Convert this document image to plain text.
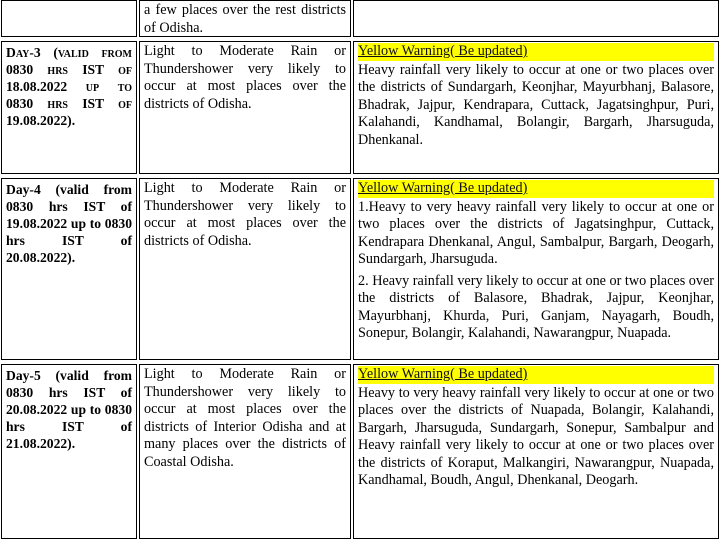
	a few places over the rest districts of Odisha.	

Day-3 (valid from 0830 hrs IST of 18.08.2022 up to 0830 hrs IST of 19.08.2022).	Light to Moderate Rain or Thundershower very likely to occur at most places over the districts of Odisha.	Yellow Warning( Be updated)

Heavy rainfall very likely to occur at one or two places over the districts of Sundargarh, Keonjhar, Mayurbhanj, Balasore, Bhadrak, Jajpur, Kendrapara, Cuttack, Jagatsinghpur, Puri, Kalahandi, Kandhamal, Bolangir, Bargarh, Jharsuguda, Dhenkanal.

Day-4 (valid from 0830 hrs IST of 19.08.2022 up to 0830 hrs IST of 20.08.2022).	Light to Moderate Rain or Thundershower very likely to occur at most places over the districts of Odisha.	Yellow Warning( Be updated)

1.Heavy to very heavy rainfall very likely to occur at one or two places over the districts of Jagatsinghpur, Cuttack, Kendrapara Dhenkanal, Angul, Sambalpur, Bargarh, Deogarh, Sundargarh, Jharsuguda.

2. Heavy rainfall very likely to occur at one or two places over the districts of Balasore, Bhadrak, Jajpur, Keonjhar, Mayurbhanj, Khurda, Puri, Ganjam, Nayagarh, Boudh, Sonepur, Bolangir, Kalahandi, Nawarangpur, Nuapada.

Day-5 (valid from 0830 hrs IST of 20.08.2022 up to 0830 hrs IST of 21.08.2022).	Light to Moderate Rain or Thundershower very likely to occur at most places over the districts of Interior Odisha and at many places over the districts of Coastal Odisha.	Yellow Warning( Be updated)

Heavy to very heavy rainfall very likely to occur at one or two places over the districts of Nuapada, Bolangir, Kalahandi, Bargarh, Jharsuguda, Sundargarh, Sonepur, Sambalpur and Heavy rainfall very likely to occur at one or two places over the districts of Koraput, Malkangiri, Nawarangpur, Nuapada, Kandhamal, Boudh, Angul, Dhenkanal, Deogarh.
